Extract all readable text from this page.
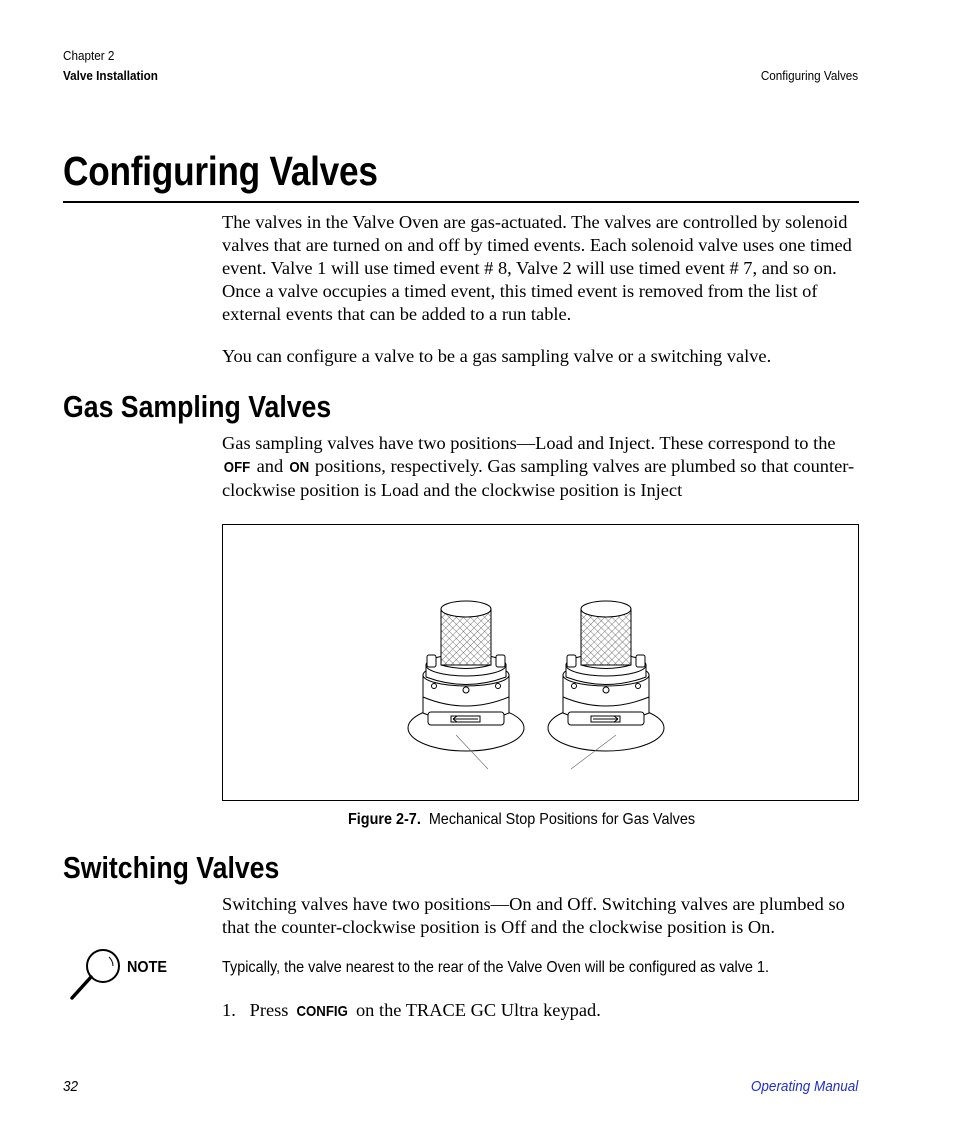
Chapter 2
Valve Installation	Configuring Valves
Configuring Valves

The valves in the Valve Oven are gas-actuated. The valves are controlled by solenoid valves that are turned on and off by timed events. Each solenoid valve uses one timed event. Valve 1 will use timed event # 8, Valve 2 will use timed event # 7, and so on. Once a valve occupies a timed event, this timed event is removed from the list of external events that can be added to a run table.

You can configure a valve to be a gas sampling valve or a switching valve.

Gas Sampling Valves

Gas sampling valves have two positions—Load and Inject. These correspond to the OFF and ON positions, respectively. Gas sampling valves are plumbed so that counter-clockwise position is Load and the clockwise position is Inject

Figure 2-7. Mechanical Stop Positions for Gas Valves
Switching Valves

Switching valves have two positions—On and Off. Switching valves are plumbed so that the counter-clockwise position is Off and the clockwise position is On.

NOTE	Typically, the valve nearest to the rear of the Valve Oven will be configured as valve 1.
1. Press CONFIG on the TRACE GC Ultra keypad.
32	Operating Manual
